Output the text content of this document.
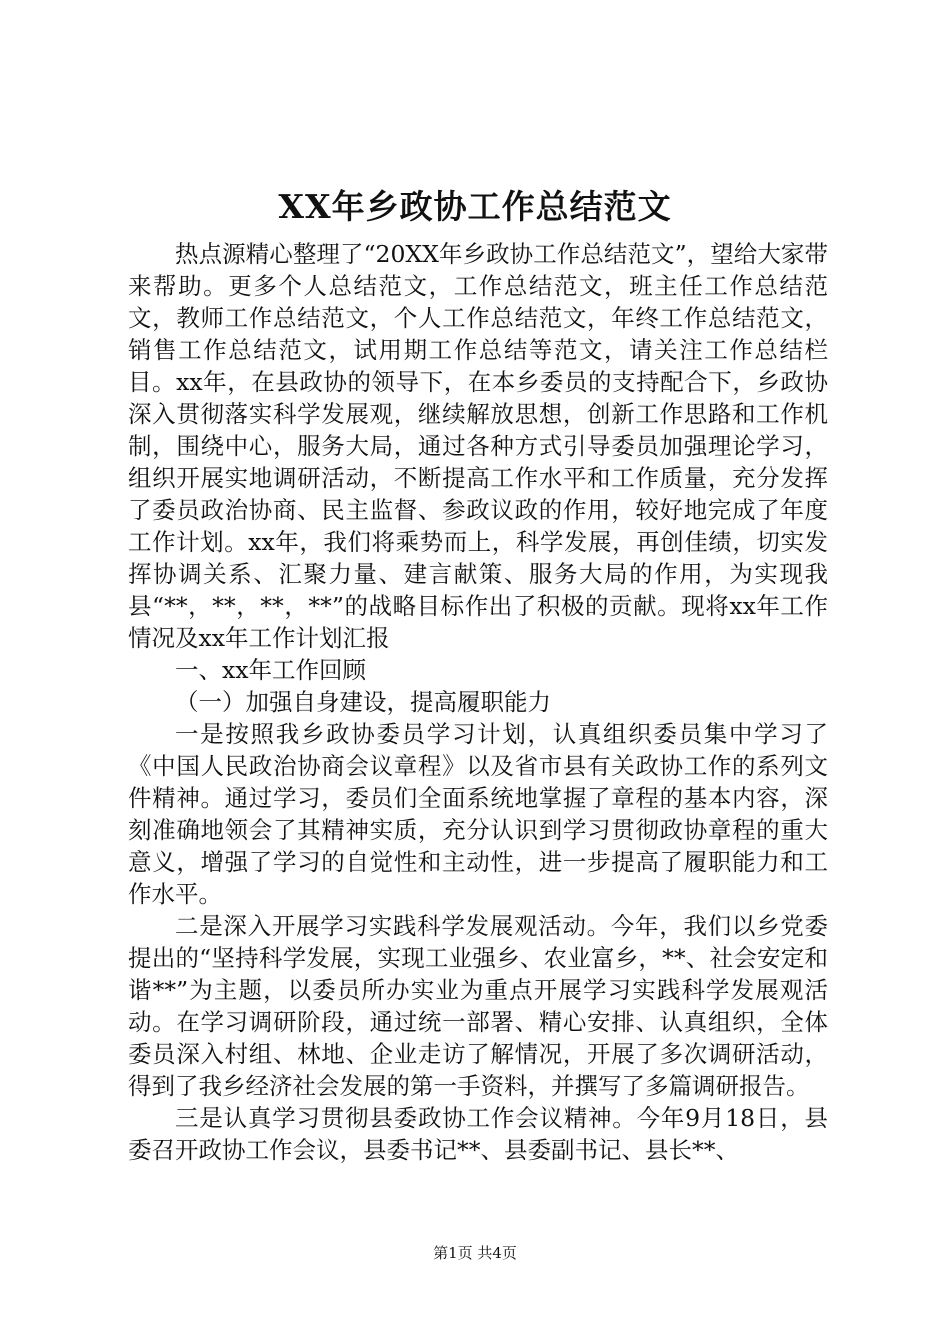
XX年乡政协工作总结范文

热点源精心整理了“20XX年乡政协工作总结范文”，望给大家带来帮助。更多个人总结范文，工作总结范文，班主任工作总结范文，教师工作总结范文，个人工作总结范文，年终工作总结范文，销售工作总结范文，试用期工作总结等范文，请关注工作总结栏目。xx年，在县政协的领导下，在本乡委员的支持配合下，乡政协深入贯彻落实科学发展观，继续解放思想，创新工作思路和工作机制，围绕中心，服务大局，通过各种方式引导委员加强理论学习，组织开展实地调研活动，不断提高工作水平和工作质量，充分发挥了委员政治协商、民主监督、参政议政的作用，较好地完成了年度工作计划。xx年，我们将乘势而上，科学发展，再创佳绩，切实发挥协调关系、汇聚力量、建言献策、服务大局的作用，为实现我县“**，**，**，**”的战略目标作出了积极的贡献。现将xx年工作情况及xx年工作计划汇报

一、xx年工作回顾

（一）加强自身建设，提高履职能力

一是按照我乡政协委员学习计划，认真组织委员集中学习了《中国人民政治协商会议章程》以及省市县有关政协工作的系列文件精神。通过学习，委员们全面系统地掌握了章程的基本内容，深刻准确地领会了其精神实质，充分认识到学习贯彻政协章程的重大意义，增强了学习的自觉性和主动性，进一步提高了履职能力和工作水平。

二是深入开展学习实践科学发展观活动。今年，我们以乡党委提出的“坚持科学发展，实现工业强乡、农业富乡，**、社会安定和谐**”为主题，以委员所办实业为重点开展学习实践科学发展观活动。在学习调研阶段，通过统一部署、精心安排、认真组织，全体委员深入村组、林地、企业走访了解情况，开展了多次调研活动，得到了我乡经济社会发展的第一手资料，并撰写了多篇调研报告。

三是认真学习贯彻县委政协工作会议精神。今年9月18日，县委召开政协工作会议，县委书记**、县委副书记、县长**、

第1页 共4页
